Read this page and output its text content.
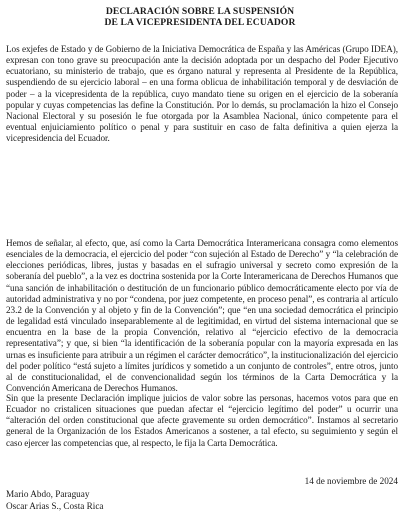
DECLARACIÓN SOBRE LA SUSPENSIÓN
DE LA VICEPRESIDENTA DEL ECUADOR
Los exjefes de Estado y de Gobierno de la Iniciativa Democrática de España y las Américas (Grupo IDEA), expresan con tono grave su preocupación ante la decisión adoptada por un despacho del Poder Ejecutivo ecuatoriano, su ministerio de trabajo, que es órgano natural y representa al Presidente de la República, suspendiendo de su ejercicio laboral – en una forma oblicua de inhabilitación temporal y de desviación de poder – a la vicepresidenta de la república, cuyo mandato tiene su origen en el ejercicio de la soberanía popular y cuyas competencias las define la Constitución. Por lo demás, su proclamación la hizo el Consejo Nacional Electoral y su posesión le fue otorgada por la Asamblea Nacional, único competente para el eventual enjuiciamiento político o penal y para sustituir en caso de falta definitiva a quien ejerza la vicepresidencia del Ecuador.
Hemos de señalar, al efecto, que, así como la Carta Democrática Interamericana consagra como elementos esenciales de la democracia, el ejercicio del poder “con sujeción al Estado de Derecho” y “la celebración de elecciones periódicas, libres, justas y basadas en el sufragio universal y secreto como expresión de la soberanía del pueblo”, a la vez es doctrina sostenida por la Corte Interamericana de Derechos Humanos que “una sanción de inhabilitación o destitución de un funcionario público democráticamente electo por vía de autoridad administrativa y no por “condena, por juez competente, en proceso penal”, es contraria al artículo 23.2 de la Convención y al objeto y fin de la Convención”; que “en una sociedad democrática el principio de legalidad está vinculado inseparablemente al de legitimidad, en virtud del sistema internacional que se encuentra en la base de la propia Convención, relativo al “ejercicio efectivo de la democracia representativa”; y que, si bien “la identificación de la soberanía popular con la mayoría expresada en las urnas es insuficiente para atribuir a un régimen el carácter democrático”, la institucionalización del ejercicio del poder político “está sujeto a límites jurídicos y sometido a un conjunto de controles”, entre otros, junto al de constitucionalidad, el de convencionalidad según los términos de la Carta Democrática y la Convención Americana de Derechos Humanos.
Sin que la presente Declaración implique juicios de valor sobre las personas, hacemos votos para que en Ecuador no cristalicen situaciones que puedan afectar el “ejercicio legítimo del poder” u ocurrir una “alteración del orden constitucional que afecte gravemente su orden democrático”. Instamos al secretario general de la Organización de los Estados Americanos a sostener, a tal efecto, su seguimiento y según el caso ejercer las competencias que, al respecto, le fija la Carta Democrática.
14 de noviembre de 2024
Mario Abdo, Paraguay
Oscar Arias S., Costa Rica
